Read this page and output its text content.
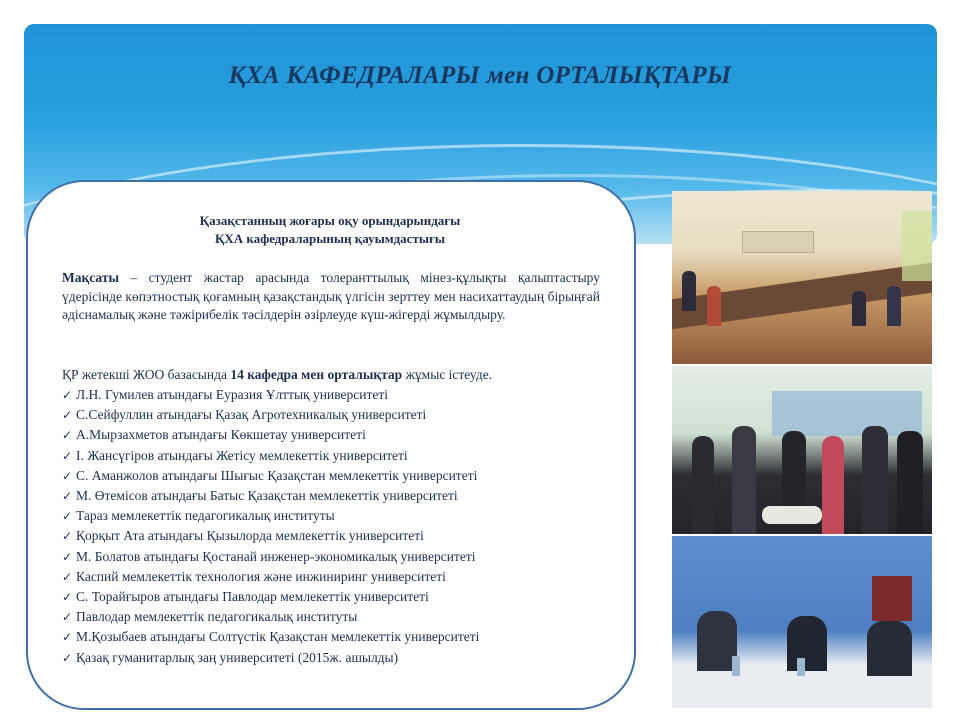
ҚХА КАФЕДРАЛАРЫ мен ОРТАЛЫҚТАРЫ
Қазақстанның жоғары оқу орындарындағы
ҚХА кафедраларының қауымдастығы
Мақсаты – студент жастар арасында толеранттылық мінез-құлықты қалыптастыру үдерісінде көпэтностық қоғамның қазақстандық үлгісін зерттеу мен насихаттаудың бірыңғай әдіснамалық және тәжірибелік тәсілдерін әзірлеуде күш-жігерді жұмылдыру.
ҚР жетекші ЖОО базасында 14 кафедра мен орталықтар жұмыс істеуде.
✓ Л.Н. Гумилев атындағы Еуразия Ұлттық университеті
✓ С.Сейфуллин атындағы Қазақ Агротехникалық университеті
✓ А.Мырзахметов атындағы Көкшетау университеті
✓ І. Жансүгіров атындағы Жетісу мемлекеттік университеті
✓ С. Аманжолов атындағы Шығыс Қазақстан мемлекеттік университеті
✓ М. Өтемісов атындағы Батыс Қазақстан мемлекеттік университеті
✓ Тараз мемлекеттік педагогикалық институты
✓ Қорқыт Ата атындағы Қызылорда мемлекеттік университеті
✓ М. Болатов атындағы Қостанай инженер-экономикалық университеті
✓ Каспий мемлекеттік технология және инжиниринг университеті
✓ С. Торайғыров атындағы Павлодар мемлекеттік университеті
✓ Павлодар мемлекеттік педагогикалық институты
✓ М.Қозыбаев атындағы Солтүстік Қазақстан мемлекеттік университеті
✓ Қазақ гуманитарлық заң университеті (2015ж. ашылды)
